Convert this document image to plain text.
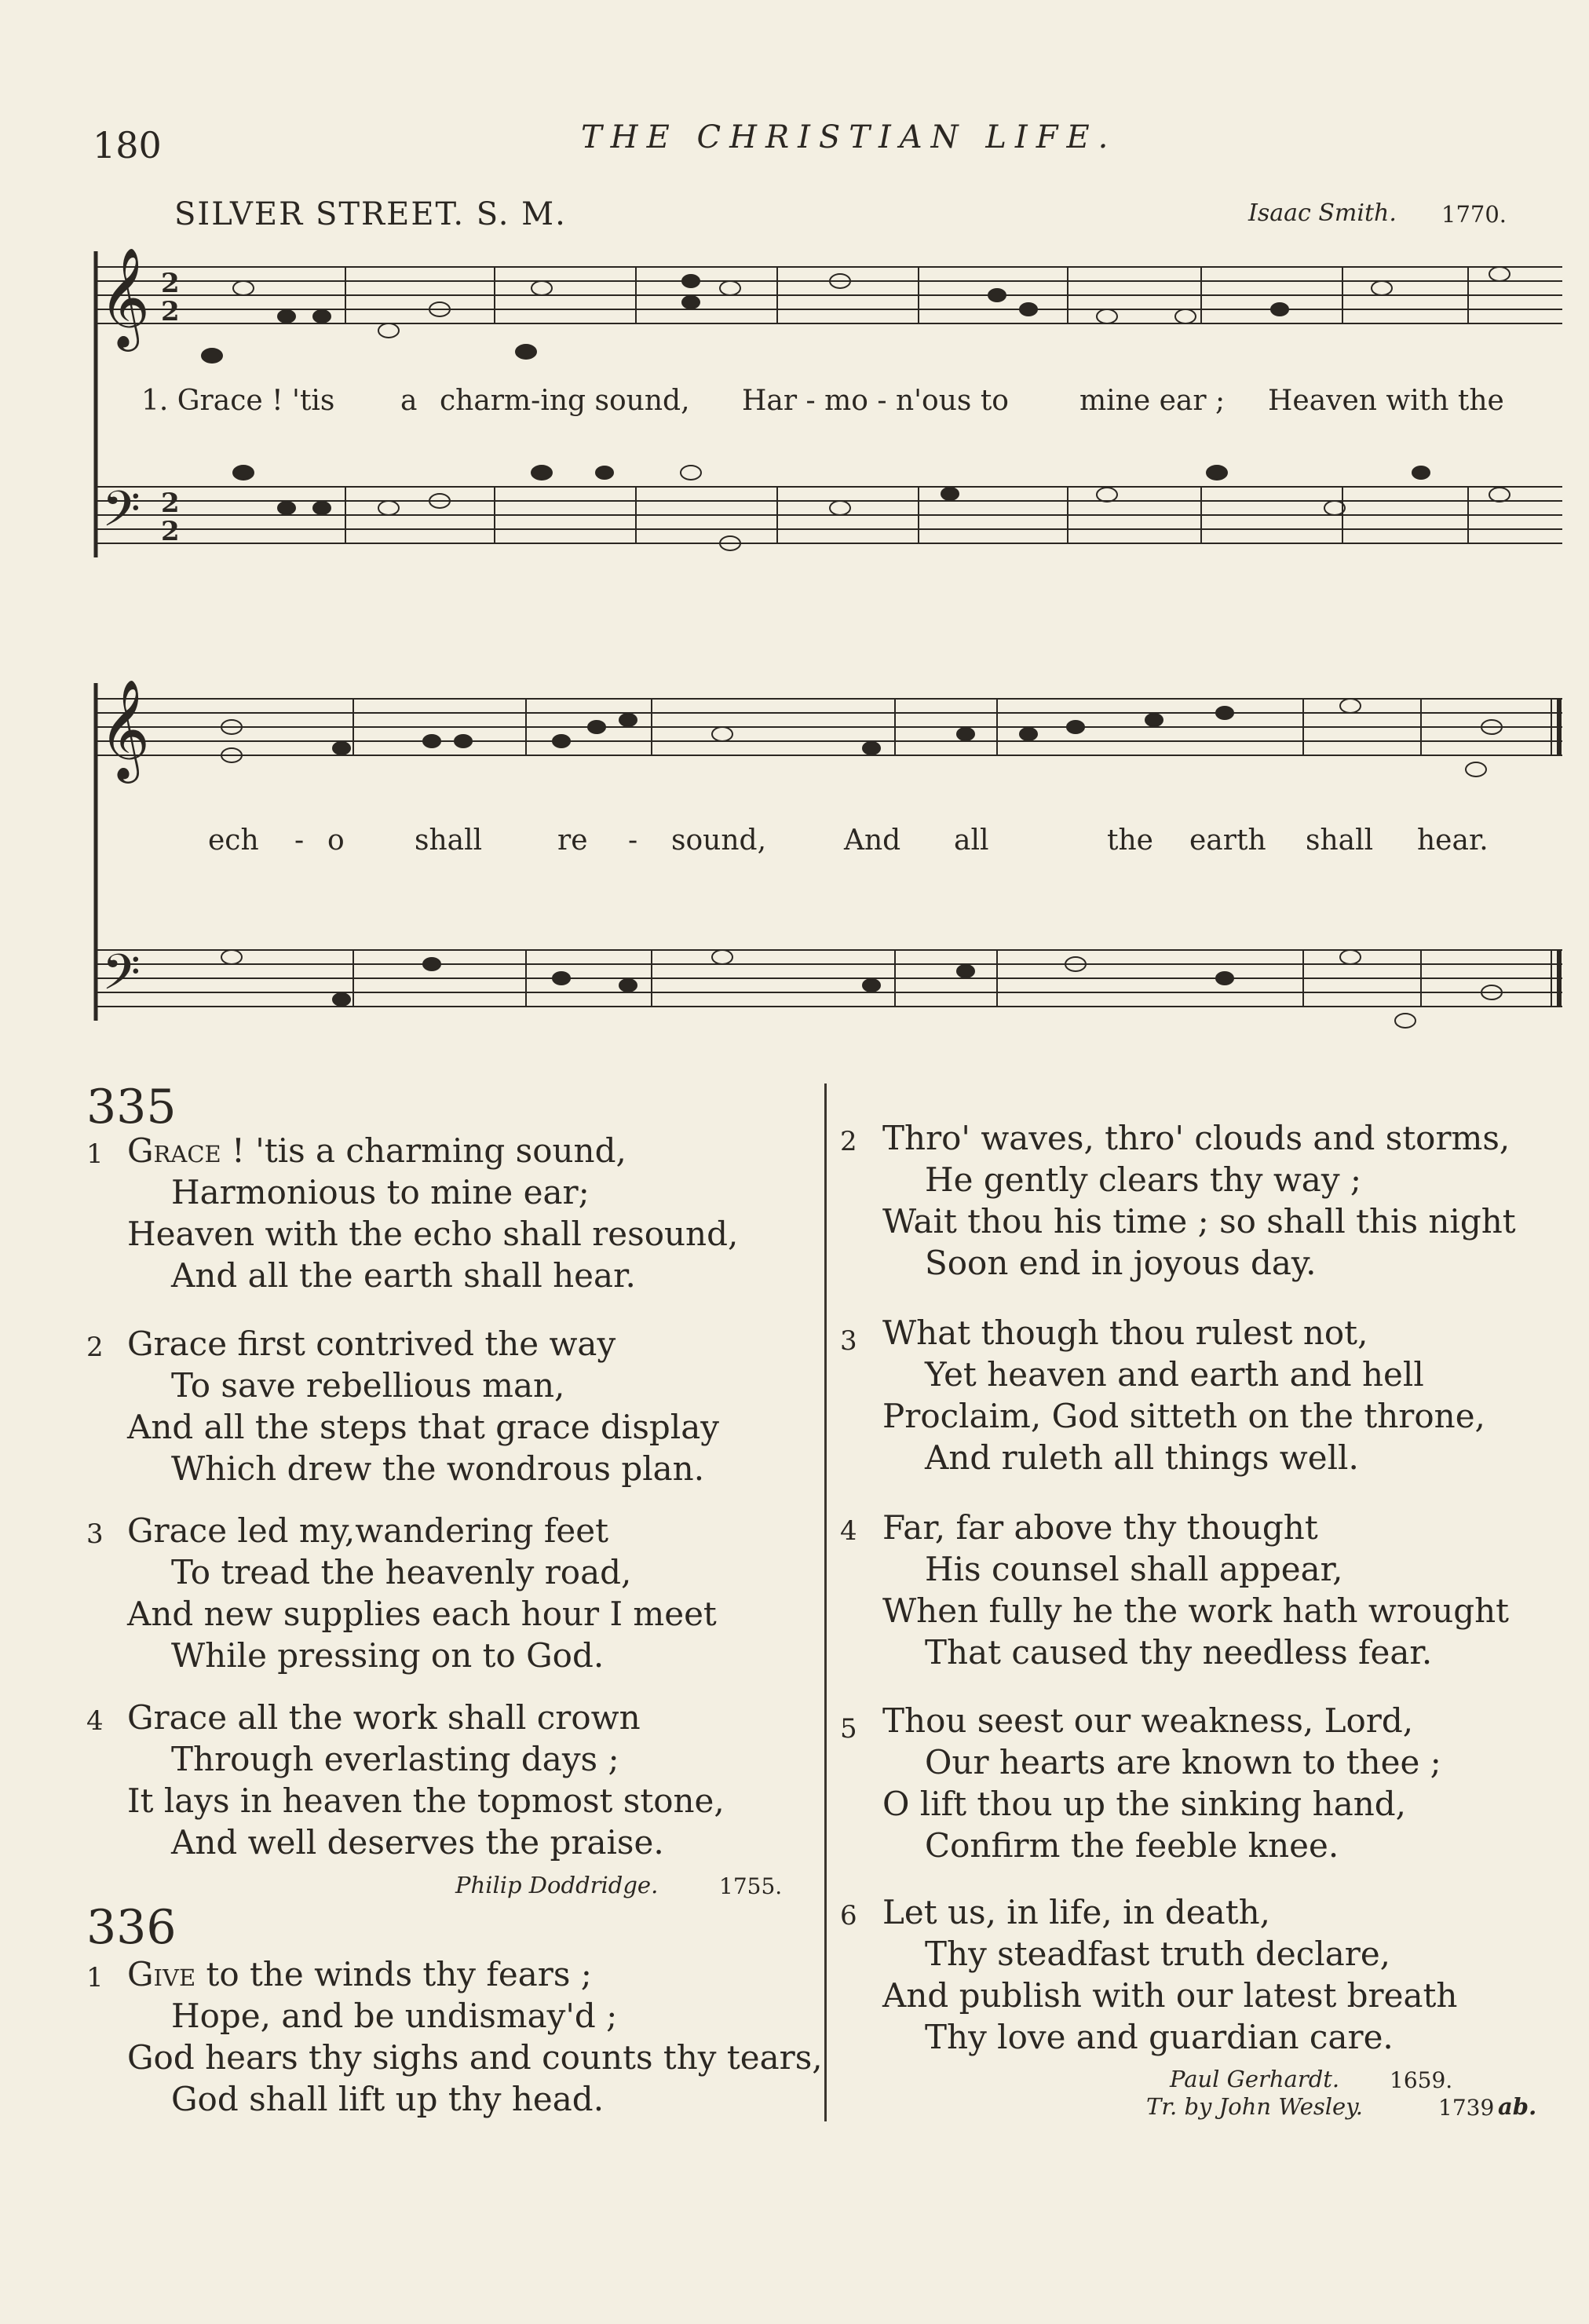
180	THE CHRISTIAN LIFE.
SILVER STREET. S. M.	Isaac Smith. 1770.
𝄞
𝄢
2
2
2
2
1. Grace ! 'tis a charm-ing sound, Har - mo - n'ous to	mine ear ; Heaven with the
𝄞
𝄢
ech - o shall	re - sound,	And all	the earth shall hear.
335
1 Grace ! 'tis a charming sound,
Harmonious to mine ear;
Heaven with the echo shall resound,
And all the earth shall hear.
2 Grace first contrived the way
To save rebellious man,
And all the steps that grace display
Which drew the wondrous plan.
3 Grace led my,wandering feet
To tread the heavenly road,
And new supplies each hour I meet
While pressing on to God.
4 Grace all the work shall crown
Through everlasting days ;
It lays in heaven the topmost stone,
And well deserves the praise.
Philip Doddridge.	1755.
336
1 Give to the winds thy fears ;
Hope, and be undismay'd ;
God hears thy sighs and counts thy tears,
God shall lift up thy head.
2 Thro' waves, thro' clouds and storms,
He gently clears thy way ;
Wait thou his time ; so shall this night
Soon end in joyous day.
3 What though thou rulest not,
Yet heaven and earth and hell
Proclaim, God sitteth on the throne,
And ruleth all things well.
4 Far, far above thy thought
His counsel shall appear,
When fully he the work hath wrought
That caused thy needless fear.
5 Thou seest our weakness, Lord,
Our hearts are known to thee ;
O lift thou up the sinking hand,
Confirm the feeble knee.
6 Let us, in life, in death,
Thy steadfast truth declare,
And publish with our latest breath
Thy love and guardian care.
Paul Gerhardt. 1659.
Tr. by John Wesley.	1739 ab.
